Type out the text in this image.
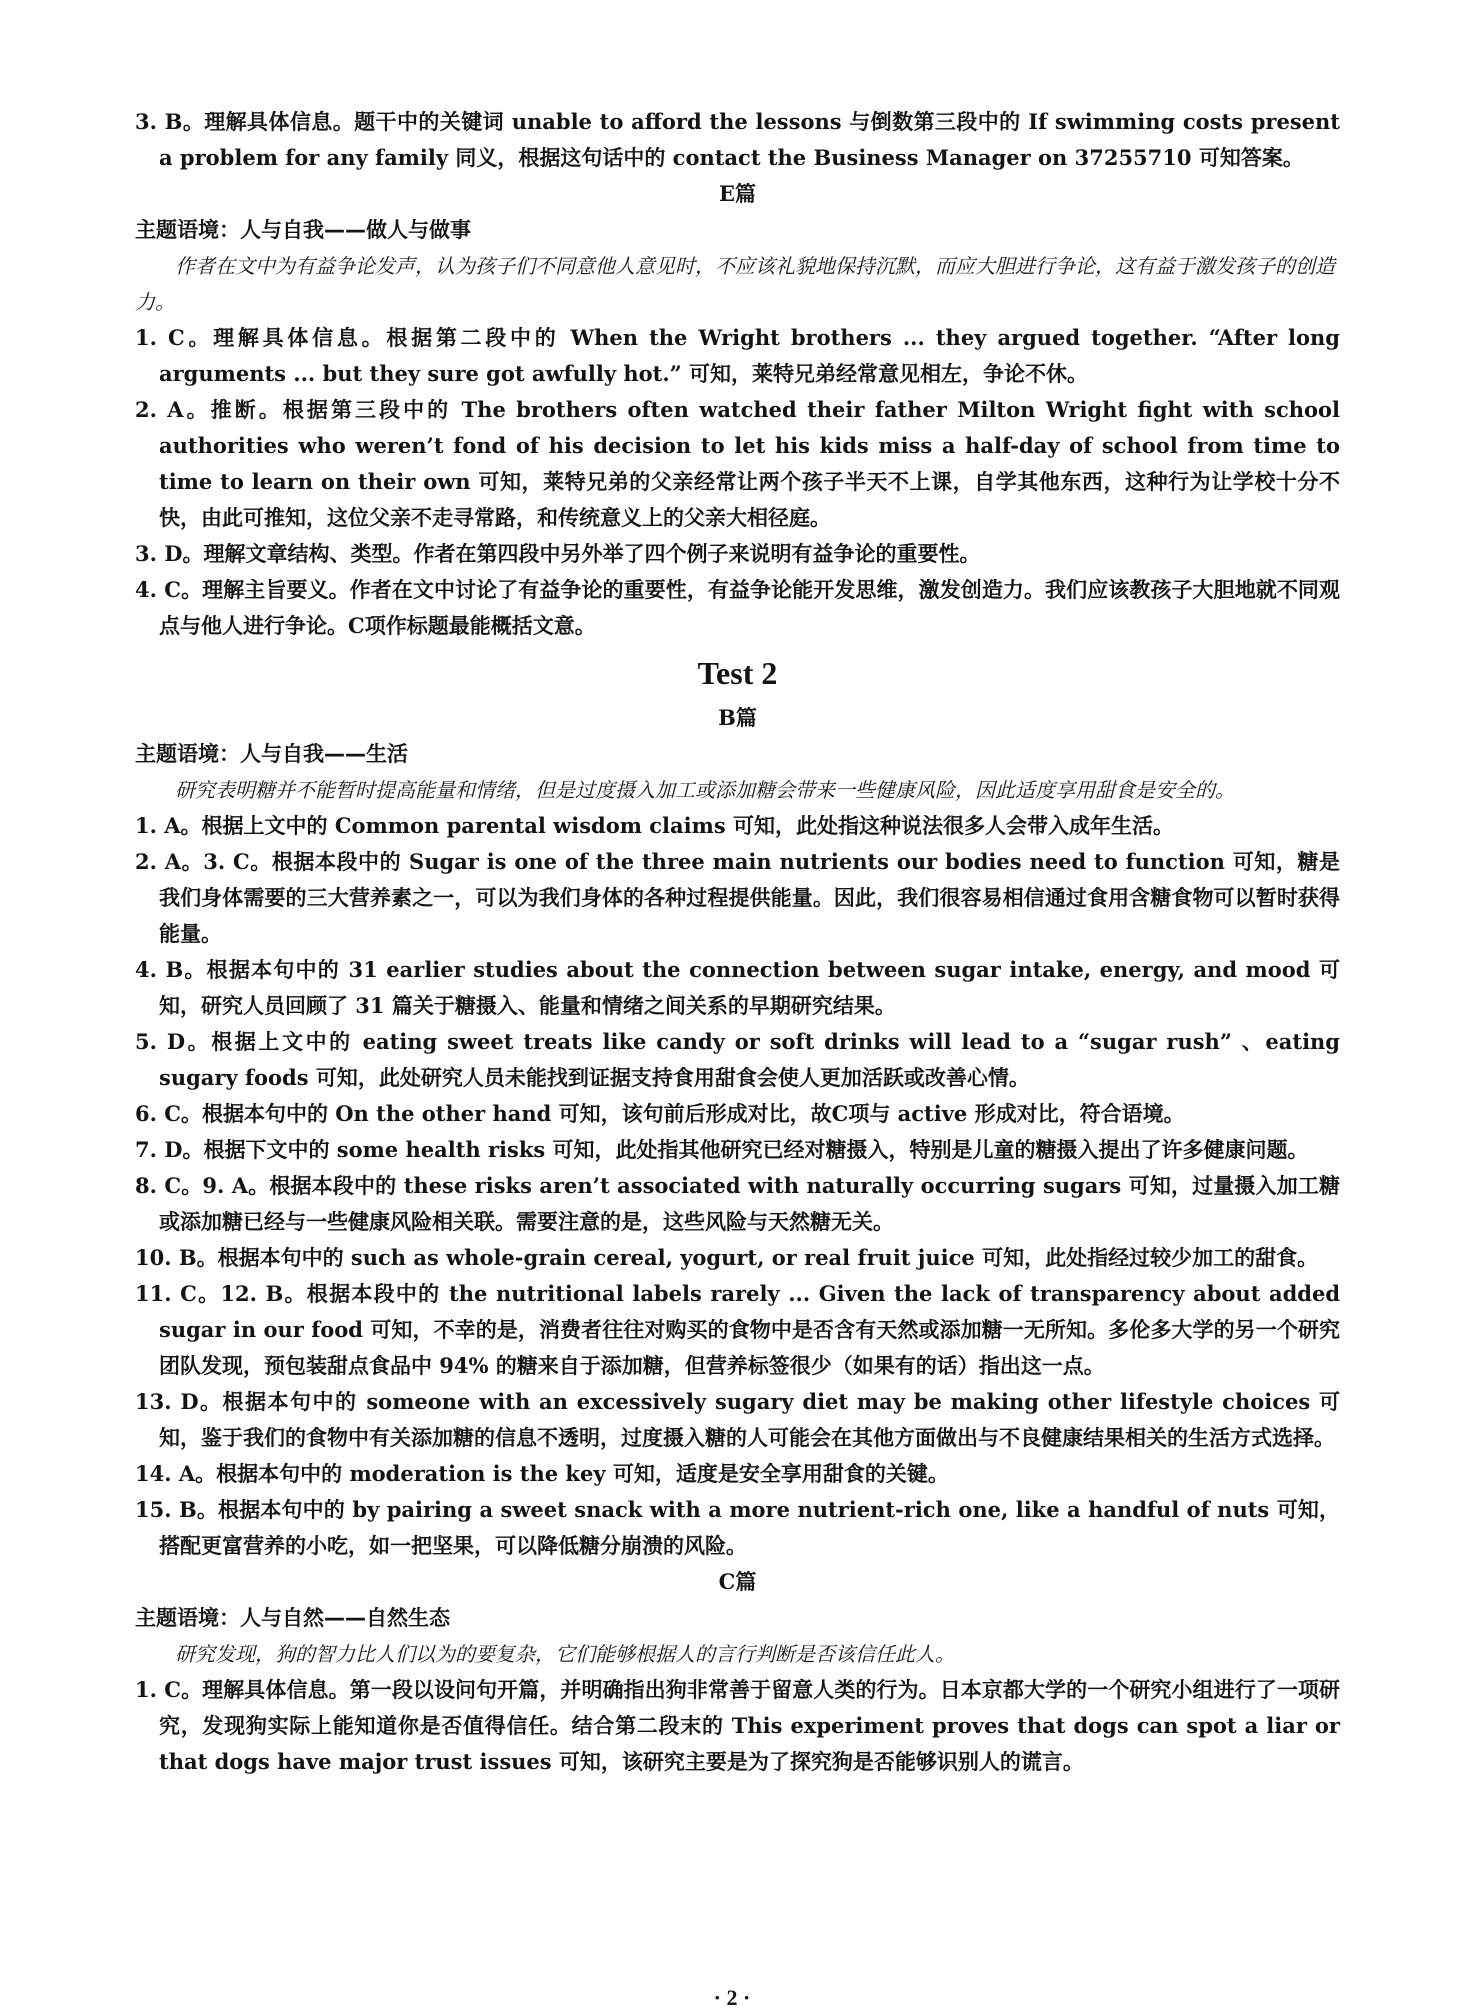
3. B。理解具体信息。题干中的关键词 unable to afford the lessons 与倒数第三段中的 If swimming costs present a problem for any family 同义，根据这句话中的 contact the Business Manager on 37255710 可知答案。

E篇

主题语境：人与自我——做人与做事

作者在文中为有益争论发声，认为孩子们不同意他人意见时，不应该礼貌地保持沉默，而应大胆进行争论，这有益于激发孩子的创造力。

1. C。理解具体信息。根据第二段中的 When the Wright brothers ... they argued together. “After long arguments ... but they sure got awfully hot.” 可知，莱特兄弟经常意见相左，争论不休。

2. A。推断。根据第三段中的 The brothers often watched their father Milton Wright fight with school authorities who weren’t fond of his decision to let his kids miss a half-day of school from time to time to learn on their own 可知，莱特兄弟的父亲经常让两个孩子半天不上课，自学其他东西，这种行为让学校十分不快，由此可推知，这位父亲不走寻常路，和传统意义上的父亲大相径庭。

3. D。理解文章结构、类型。作者在第四段中另外举了四个例子来说明有益争论的重要性。

4. C。理解主旨要义。作者在文中讨论了有益争论的重要性，有益争论能开发思维，激发创造力。我们应该教孩子大胆地就不同观点与他人进行争论。C项作标题最能概括文意。

Test 2

B篇

主题语境：人与自我——生活

研究表明糖并不能暂时提高能量和情绪，但是过度摄入加工或添加糖会带来一些健康风险，因此适度享用甜食是安全的。

1. A。根据上文中的 Common parental wisdom claims 可知，此处指这种说法很多人会带入成年生活。

2. A。3. C。根据本段中的 Sugar is one of the three main nutrients our bodies need to function 可知，糖是我们身体需要的三大营养素之一，可以为我们身体的各种过程提供能量。因此，我们很容易相信通过食用含糖食物可以暂时获得能量。

4. B。根据本句中的 31 earlier studies about the connection between sugar intake, energy, and mood 可知，研究人员回顾了 31 篇关于糖摄入、能量和情绪之间关系的早期研究结果。

5. D。根据上文中的 eating sweet treats like candy or soft drinks will lead to a “sugar rush” 、eating sugary foods 可知，此处研究人员未能找到证据支持食用甜食会使人更加活跃或改善心情。

6. C。根据本句中的 On the other hand 可知，该句前后形成对比，故C项与 active 形成对比，符合语境。

7. D。根据下文中的 some health risks 可知，此处指其他研究已经对糖摄入，特别是儿童的糖摄入提出了许多健康问题。

8. C。9. A。根据本段中的 these risks aren’t associated with naturally occurring sugars 可知，过量摄入加工糖或添加糖已经与一些健康风险相关联。需要注意的是，这些风险与天然糖无关。

10. B。根据本句中的 such as whole-grain cereal, yogurt, or real fruit juice 可知，此处指经过较少加工的甜食。

11. C。12. B。根据本段中的 the nutritional labels rarely ... Given the lack of transparency about added sugar in our food 可知，不幸的是，消费者往往对购买的食物中是否含有天然或添加糖一无所知。多伦多大学的另一个研究团队发现，预包装甜点食品中 94% 的糖来自于添加糖，但营养标签很少（如果有的话）指出这一点。

13. D。根据本句中的 someone with an excessively sugary diet may be making other lifestyle choices 可知，鉴于我们的食物中有关添加糖的信息不透明，过度摄入糖的人可能会在其他方面做出与不良健康结果相关的生活方式选择。

14. A。根据本句中的 moderation is the key 可知，适度是安全享用甜食的关键。

15. B。根据本句中的 by pairing a sweet snack with a more nutrient-rich one, like a handful of nuts 可知，搭配更富营养的小吃，如一把坚果，可以降低糖分崩溃的风险。

C篇

主题语境：人与自然——自然生态

研究发现，狗的智力比人们以为的要复杂，它们能够根据人的言行判断是否该信任此人。

1. C。理解具体信息。第一段以设问句开篇，并明确指出狗非常善于留意人类的行为。日本京都大学的一个研究小组进行了一项研究，发现狗实际上能知道你是否值得信任。结合第二段末的 This experiment proves that dogs can spot a liar or that dogs have major trust issues 可知，该研究主要是为了探究狗是否能够识别人的谎言。

· 2 ·
